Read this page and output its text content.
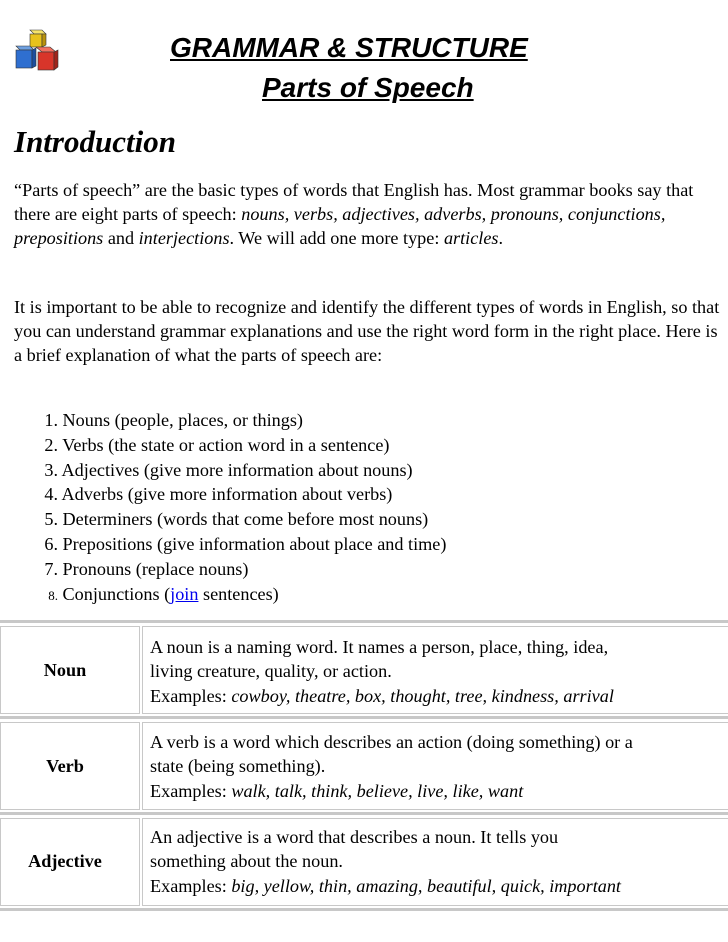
GRAMMAR & STRUCTURE
Parts of Speech
Introduction
“Parts of speech” are the basic types of words that English has. Most grammar books say that there are eight parts of speech: nouns, verbs, adjectives, adverbs, pronouns, conjunctions, prepositions and interjections. We will add one more type: articles.
It is important to be able to recognize and identify the different types of words in English, so that you can understand grammar explanations and use the right word form in the right place. Here is a brief explanation of what the parts of speech are:
1. Nouns (people, places, or things)
2. Verbs (the state or action word in a sentence)
3. Adjectives (give more information about nouns)
4. Adverbs (give more information about verbs)
5. Determiners (words that come before most nouns)
6. Prepositions (give information about place and time)
7. Pronouns (replace nouns)
8. Conjunctions (join sentences)
Noun
A noun is a naming word. It names a person, place, thing, idea,
living creature, quality, or action.
Examples: cowboy, theatre, box, thought, tree, kindness, arrival
Verb
A verb is a word which describes an action (doing something) or a
state (being something).
Examples: walk, talk, think, believe, live, like, want
Adjective
An adjective is a word that describes a noun. It tells you
something about the noun.
Examples: big, yellow, thin, amazing, beautiful, quick, important
